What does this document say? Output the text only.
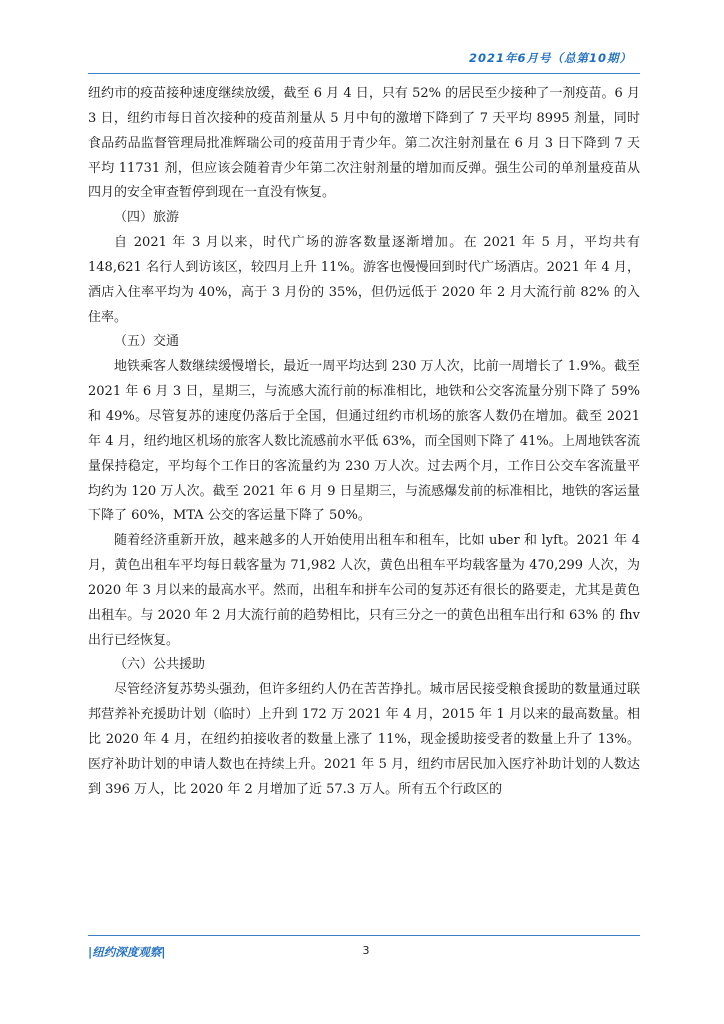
2021年6月号（总第10期）

纽约市的疫苗接种速度继续放缓，截至 6 月 4 日，只有 52% 的居民至少接种了一剂疫苗。6 月 3 日，纽约市每日首次接种的疫苗剂量从 5 月中旬的激增下降到了 7 天平均 8995 剂量，同时食品药品监督管理局批准辉瑞公司的疫苗用于青少年。第二次注射剂量在 6 月 3 日下降到 7 天平均 11731 剂，但应该会随着青少年第二次注射剂量的增加而反弹。强生公司的单剂量疫苗从四月的安全审查暂停到现在一直没有恢复。

（四）旅游

自 2021 年 3 月以来，时代广场的游客数量逐渐增加。在 2021 年 5 月，平均共有 148,621 名行人到访该区，较四月上升 11%。游客也慢慢回到时代广场酒店。2021 年 4 月，酒店入住率平均为 40%，高于 3 月份的 35%，但仍远低于 2020 年 2 月大流行前 82% 的入住率。

（五）交通

地铁乘客人数继续缓慢增长，最近一周平均达到 230 万人次，比前一周增长了 1.9%。截至 2021 年 6 月 3 日，星期三，与流感大流行前的标准相比，地铁和公交客流量分别下降了 59% 和 49%。尽管复苏的速度仍落后于全国，但通过纽约市机场的旅客人数仍在增加。截至 2021 年 4 月，纽约地区机场的旅客人数比流感前水平低 63%，而全国则下降了 41%。上周地铁客流量保持稳定，平均每个工作日的客流量约为 230 万人次。过去两个月，工作日公交车客流量平均约为 120 万人次。截至 2021 年 6 月 9 日星期三，与流感爆发前的标准相比，地铁的客运量下降了 60%，MTA 公交的客运量下降了 50%。

随着经济重新开放，越来越多的人开始使用出租车和租车，比如 uber 和 lyft。2021 年 4 月，黄色出租车平均每日载客量为 71,982 人次，黄色出租车平均载客量为 470,299 人次，为 2020 年 3 月以来的最高水平。然而，出租车和拼车公司的复苏还有很长的路要走，尤其是黄色出租车。与 2020 年 2 月大流行前的趋势相比，只有三分之一的黄色出租车出行和 63% 的 fhv 出行已经恢复。

（六）公共援助

尽管经济复苏势头强劲，但许多纽约人仍在苦苦挣扎。城市居民接受粮食援助的数量通过联邦营养补充援助计划（临时）上升到 172 万 2021 年 4 月，2015 年 1 月以来的最高数量。相比 2020 年 4 月，在纽约拍接收者的数量上涨了 11%，现金援助接受者的数量上升了 13%。医疗补助计划的申请人数也在持续上升。2021 年 5 月，纽约市居民加入医疗补助计划的人数达到 396 万人，比 2020 年 2 月增加了近 57.3 万人。所有五个行政区的

|纽约深度观察|	3
